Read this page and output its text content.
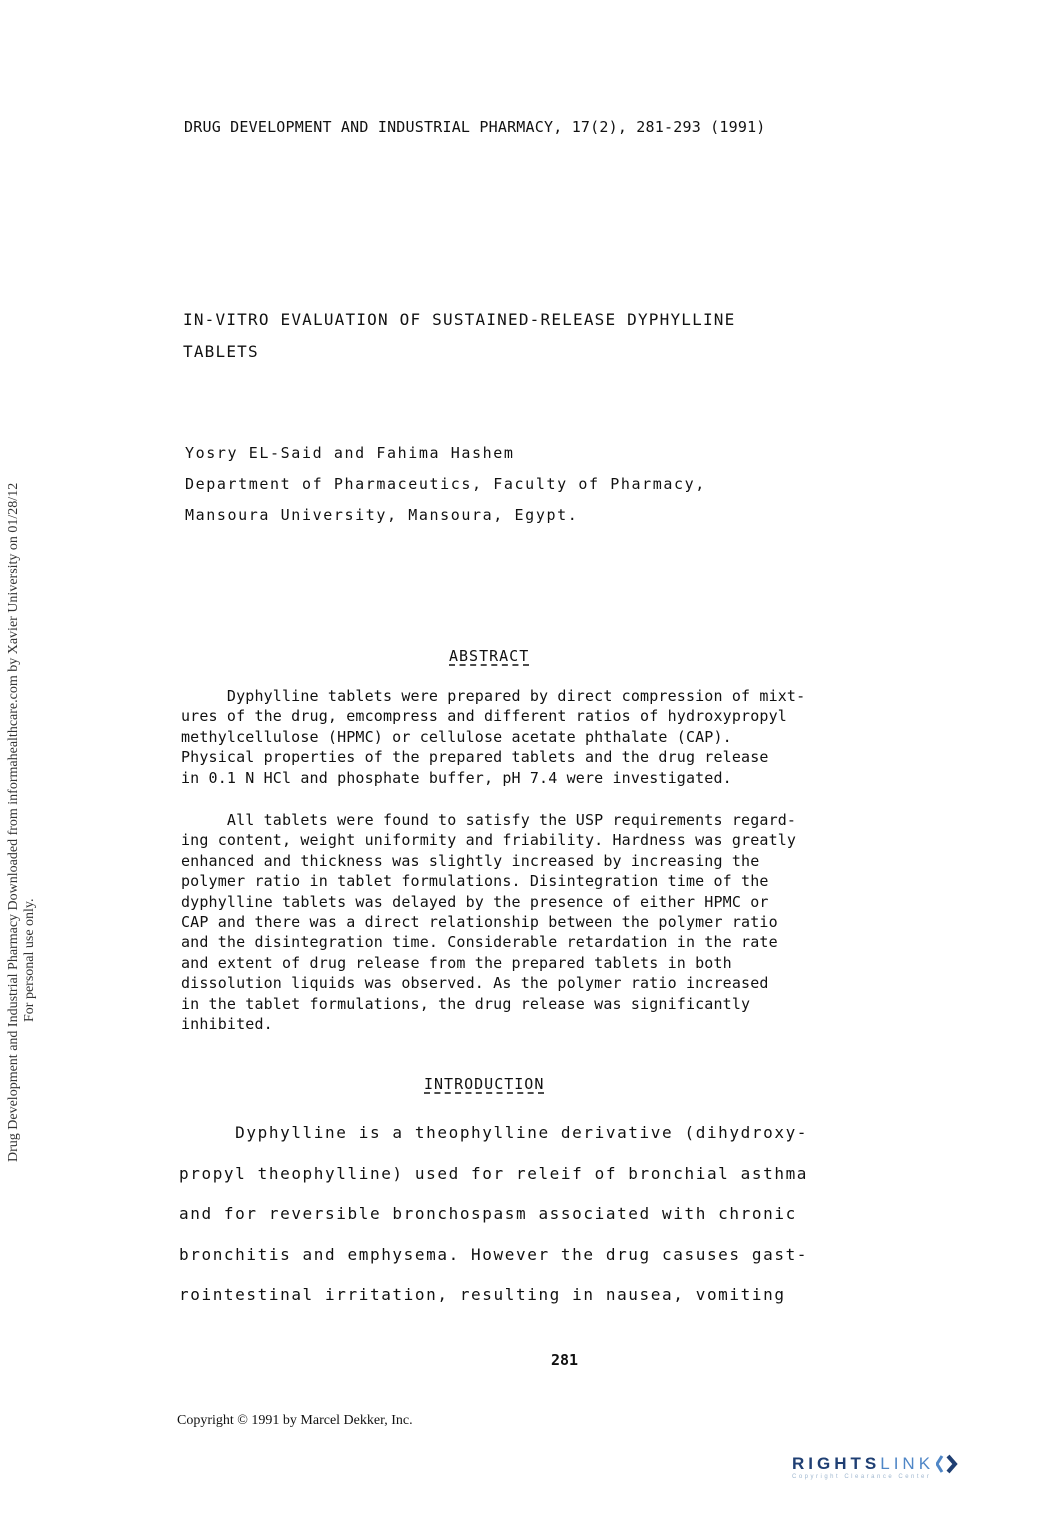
Drug Development and Industrial Pharmacy Downloaded from informahealthcare.com by Xavier University on 01/28/12 For personal use only.
DRUG DEVELOPMENT AND INDUSTRIAL PHARMACY, 17(2), 281-293 (1991)
IN-VITRO EVALUATION OF SUSTAINED-RELEASE DYPHYLLINE
TABLETS
Yosry EL-Said and Fahima Hashem
Department of Pharmaceutics, Faculty of Pharmacy,
Mansoura University, Mansoura, Egypt.
ABSTRACT
Dyphylline tablets were prepared by direct compression of mixt-

ures of the drug, emcompress and different ratios of hydroxypropyl

methylcellulose (HPMC) or cellulose acetate phthalate (CAP).

Physical properties of the prepared tablets and the drug release

in 0.1 N HCl and phosphate buffer, pH 7.4 were investigated.

All tablets were found to satisfy the USP requirements regard-

ing content, weight uniformity and friability. Hardness was greatly

enhanced and thickness was slightly increased by increasing the

polymer ratio in tablet formulations. Disintegration time of the

dyphylline tablets was delayed by the presence of either HPMC or

CAP and there was a direct relationship between the polymer ratio

and the disintegration time. Considerable retardation in the rate

and extent of drug release from the prepared tablets in both

dissolution liquids was observed. As the polymer ratio increased

in the tablet formulations, the drug release was significantly

inhibited.

INTRODUCTION
Dyphylline is a theophylline derivative (dihydroxy-

propyl theophylline) used for releif of bronchial asthma

and for reversible bronchospasm associated with chronic

bronchitis and emphysema. However the drug casuses gast-

rointestinal irritation, resulting in nausea, vomiting

281
Copyright © 1991 by Marcel Dekker, Inc.
RIGHTSLINK
Copyright Clearance Center
